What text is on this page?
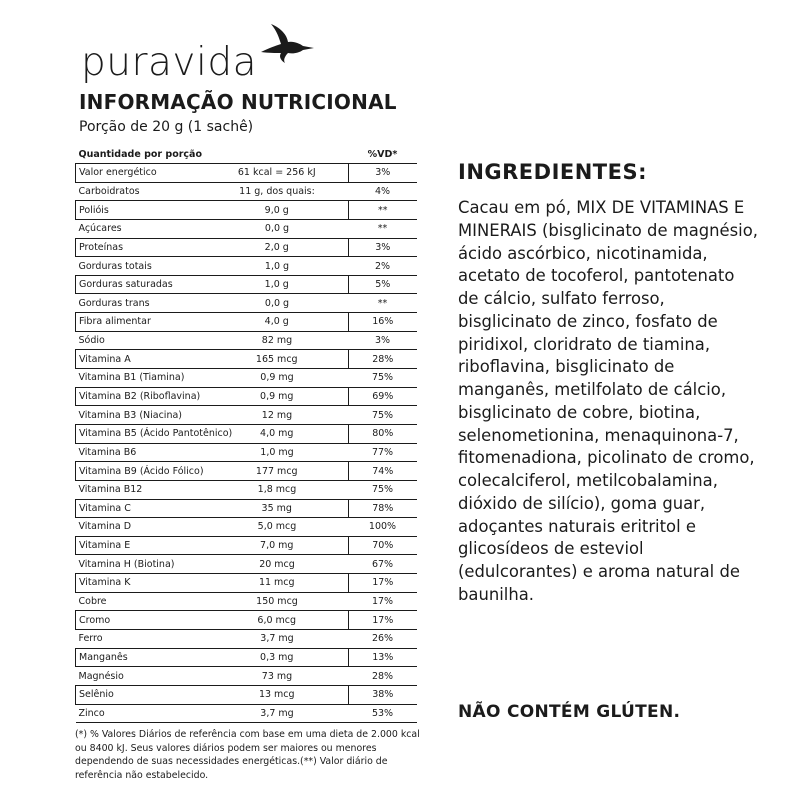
puravida
INFORMAÇÃO NUTRICIONAL

Porção de 20 g (1 sachê)

Quantidade por porção		%VD*
Valor energético	61 kcal = 256 kJ	3%
Carboidratos	11 g, dos quais:	4%
Polióis	9,0 g	**
Açúcares	0,0 g	**
Proteínas	2,0 g	3%
Gorduras totais	1,0 g	2%
Gorduras saturadas	1,0 g	5%
Gorduras trans	0,0 g	**
Fibra alimentar	4,0 g	16%
Sódio	82 mg	3%
Vitamina A	165 mcg	28%
Vitamina B1 (Tiamina)	0,9 mg	75%
Vitamina B2 (Riboflavina)	0,9 mg	69%
Vitamina B3 (Niacina)	12 mg	75%
Vitamina B5 (Ácido Pantotênico)	4,0 mg	80%
Vitamina B6	1,0 mg	77%
Vitamina B9 (Ácido Fólico)	177 mcg	74%
Vitamina B12	1,8 mcg	75%
Vitamina C	35 mg	78%
Vitamina D	5,0 mcg	100%
Vitamina E	7,0 mg	70%
Vitamina H (Biotina)	20 mcg	67%
Vitamina K	11 mcg	17%
Cobre	150 mcg	17%
Cromo	6,0 mcg	17%
Ferro	3,7 mg	26%
Manganês	0,3 mg	13%
Magnésio	73 mg	28%
Selênio	13 mcg	38%
Zinco	3,7 mg	53%

(*) % Valores Diários de referência com base em uma dieta de 2.000 kcal ou 8400 kJ. Seus valores diários podem ser maiores ou menores dependendo de suas necessidades energéticas.(**) Valor diário de referência não estabelecido.

INGREDIENTES:

Cacau em pó, MIX DE VITAMINAS E MINERAIS (bisglicinato de magnésio, ácido ascórbico, nicotinamida, acetato de tocoferol, pantotenato de cálcio, sulfato ferroso, bisglicinato de zinco, fosfato de piridixol, cloridrato de tiamina, riboflavina, bisglicinato de manganês, metilfolato de cálcio, bisglicinato de cobre, biotina, selenometionina, menaquinona-7, fitomenadiona, picolinato de cromo, colecalciferol, metilcobalamina, dióxido de silício), goma guar, adoçantes naturais eritritol e glicosídeos de esteviol (edulcorantes) e aroma natural de baunilha.

NÃO CONTÉM GLÚTEN.
